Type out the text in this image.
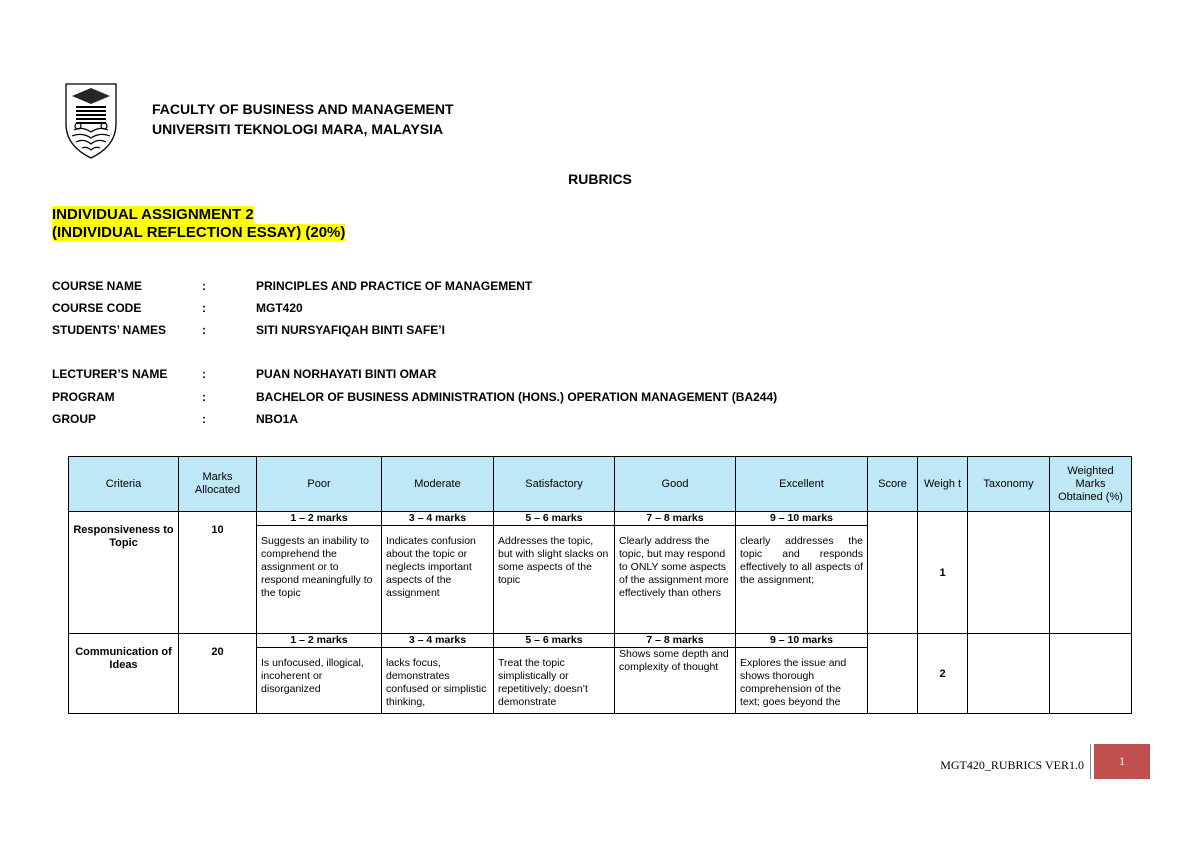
FACULTY OF BUSINESS AND MANAGEMENT
UNIVERSITI TEKNOLOGI MARA, MALAYSIA
RUBRICS
INDIVIDUAL ASSIGNMENT 2
(INDIVIDUAL REFLECTION ESSAY) (20%)
COURSE NAME	:	PRINCIPLES AND PRACTICE OF MANAGEMENT
COURSE CODE	:	MGT420
STUDENTS’ NAMES	:	SITI NURSYAFIQAH BINTI SAFE’I
LECTURER’S NAME	:	PUAN NORHAYATI BINTI OMAR
PROGRAM	:	BACHELOR OF BUSINESS ADMINISTRATION (HONS.) OPERATION MANAGEMENT (BA244)
GROUP	:	NBO1A
Criteria	Marks Allocated	Poor	Moderate	Satisfactory	Good	Excellent	Score	Weigh t	Taxonomy	Weighted Marks Obtained (%)
Responsiveness to Topic	10	1 – 2 marks	3 – 4 marks	5 – 6 marks	7 – 8 marks	9 – 10 marks		1		

		Suggests an inability to comprehend the assignment or to respond meaningfully to the topic	Indicates confusion about the topic or neglects important aspects of the assignment	Addresses the topic, but with slight slacks on some aspects of the topic	Clearly address the topic, but may respond to ONLY some aspects of the assignment more effectively than others	clearly addresses the topic and responds effectively to all aspects of the assignment;				

Communication of Ideas	20	1 – 2 marks	3 – 4 marks	5 – 6 marks	7 – 8 marks	9 – 10 marks		2		

		Is unfocused, illogical, incoherent or disorganized	lacks focus, demonstrates confused or simplistic thinking,	Treat the topic simplistically or repetitively; doesn’t demonstrate	Shows some depth and complexity of thought	Explores the issue and shows thorough comprehension of the text; goes beyond the				
MGT420_RUBRICS VER1.0	1
